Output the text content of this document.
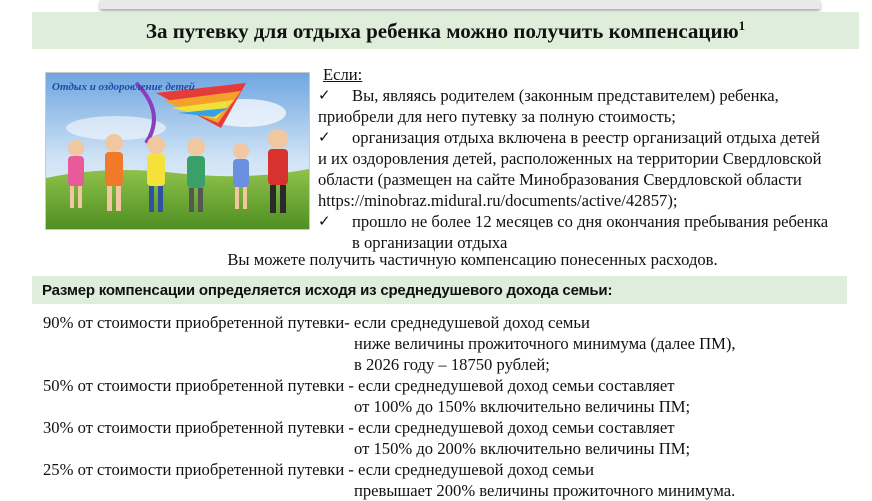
За путевку для отдыха ребенка можно получить компенсацию$^1$
Отдых и оздоровление детей
Если:
✓	Вы, являясь родителем (законным представителем) ребенка,
приобрели для него путевку за полную стоимость;
✓	организация отдыха включена в реестр организаций отдыха детей
и их оздоровления детей, расположенных на территории Свердловской области (размещен на сайте Минобразования Свердловской области https://minobraz.midural.ru/documents/active/42857);
✓	прошло не более 12 месяцев со дня окончания пребывания ребенка
в организации отдыха
Вы можете получить частичную компенсацию понесенных расходов.
Размер компенсации определяется исходя из среднедушевого дохода семьи:
90% от стоимости приобретенной путевки- если среднедушевой доход семьи
ниже величины прожиточного минимума (далее ПМ),
в 2026 году – 18750 рублей;
50% от стоимости приобретенной путевки - если среднедушевой доход семьи составляет
от 100% до 150% включительно величины ПМ;
30% от стоимости приобретенной путевки - если среднедушевой доход семьи составляет
от 150% до 200% включительно величины ПМ;
25% от стоимости приобретенной путевки - если среднедушевой доход семьи
превышает 200% величины прожиточного минимума.
